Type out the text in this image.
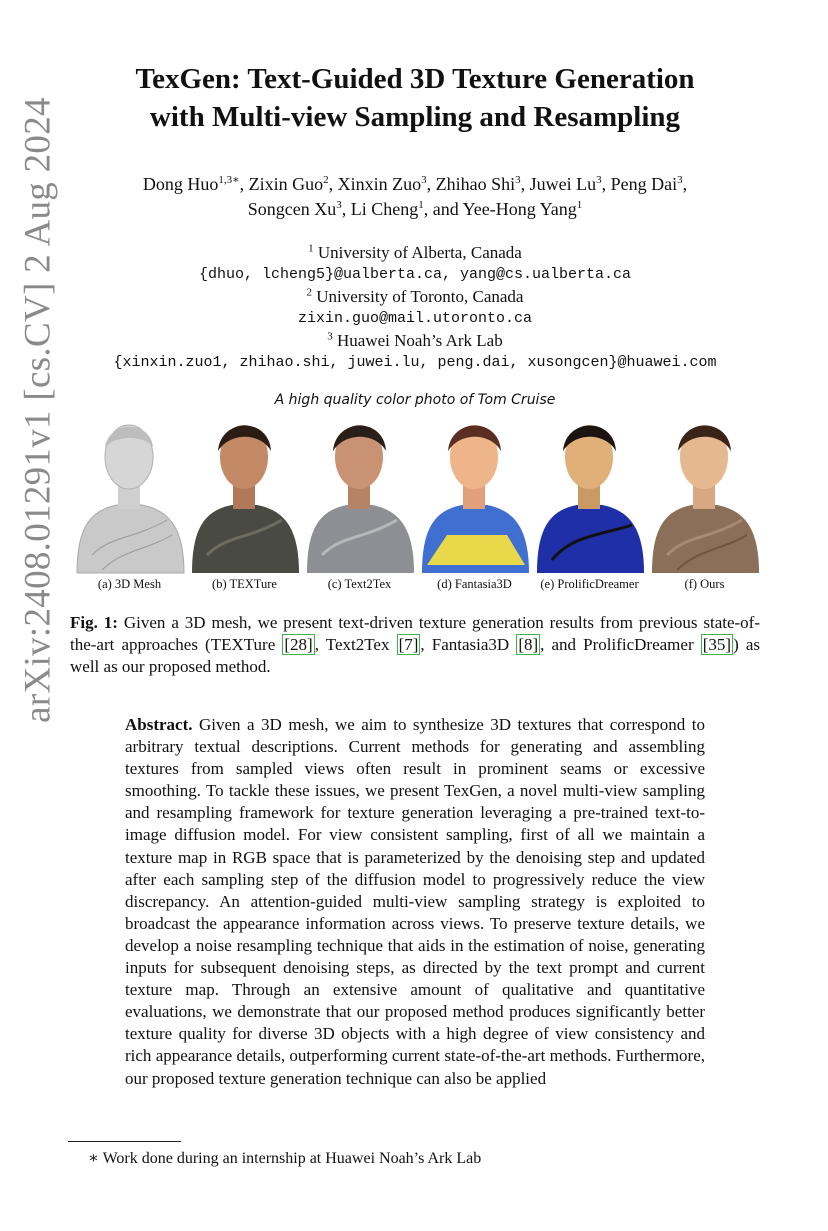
arXiv:2408.01291v1 [cs.CV] 2 Aug 2024
TexGen: Text-Guided 3D Texture Generation
with Multi-view Sampling and Resampling
Dong Huo$^{1,3∗}$, Zixin Guo$^2$, Xinxin Zuo$^3$, Zhihao Shi$^3$, Juwei Lu$^3$, Peng Dai$^3$,
Songcen Xu$^3$, Li Cheng$^1$, and Yee-Hong Yang$^1$
$^1$ University of Alberta, Canada
{dhuo, lcheng5}@ualberta.ca, yang@cs.ualberta.ca
$^2$ University of Toronto, Canada
zixin.guo@mail.utoronto.ca
$^3$ Huawei Noah’s Ark Lab
{xinxin.zuo1, zhihao.shi, juwei.lu, peng.dai, xusongcen}@huawei.com
A high quality color photo of Tom Cruise
(a) 3D Mesh	(b) TEXTure	(c) Text2Tex	(d) Fantasia3D	(e) ProlificDreamer	(f) Ours
Fig. 1: Given a 3D mesh, we present text-driven texture generation results from previous state-of-the-art approaches (TEXTure [28] , Text2Tex [7] , Fantasia3D [8] , and ProlificDreamer [35] ) as well as our proposed method.
Abstract. Given a 3D mesh, we aim to synthesize 3D textures that correspond to arbitrary textual descriptions. Current methods for generating and assembling textures from sampled views often result in prominent seams or excessive smoothing. To tackle these issues, we present TexGen, a novel multi-view sampling and resampling framework for texture generation leveraging a pre-trained text-to-image diffusion model. For view consistent sampling, first of all we maintain a texture map in RGB space that is parameterized by the denoising step and updated after each sampling step of the diffusion model to progressively reduce the view discrepancy. An attention-guided multi-view sampling strategy is exploited to broadcast the appearance information across views. To preserve texture details, we develop a noise resampling technique that aids in the estimation of noise, generating inputs for subsequent denoising steps, as directed by the text prompt and current texture map. Through an extensive amount of qualitative and quantitative evaluations, we demonstrate that our proposed method produces significantly better texture quality for diverse 3D objects with a high degree of view consistency and rich appearance details, outperforming current state-of-the-art methods. Furthermore, our proposed texture generation technique can also be applied
∗ Work done during an internship at Huawei Noah’s Ark Lab
